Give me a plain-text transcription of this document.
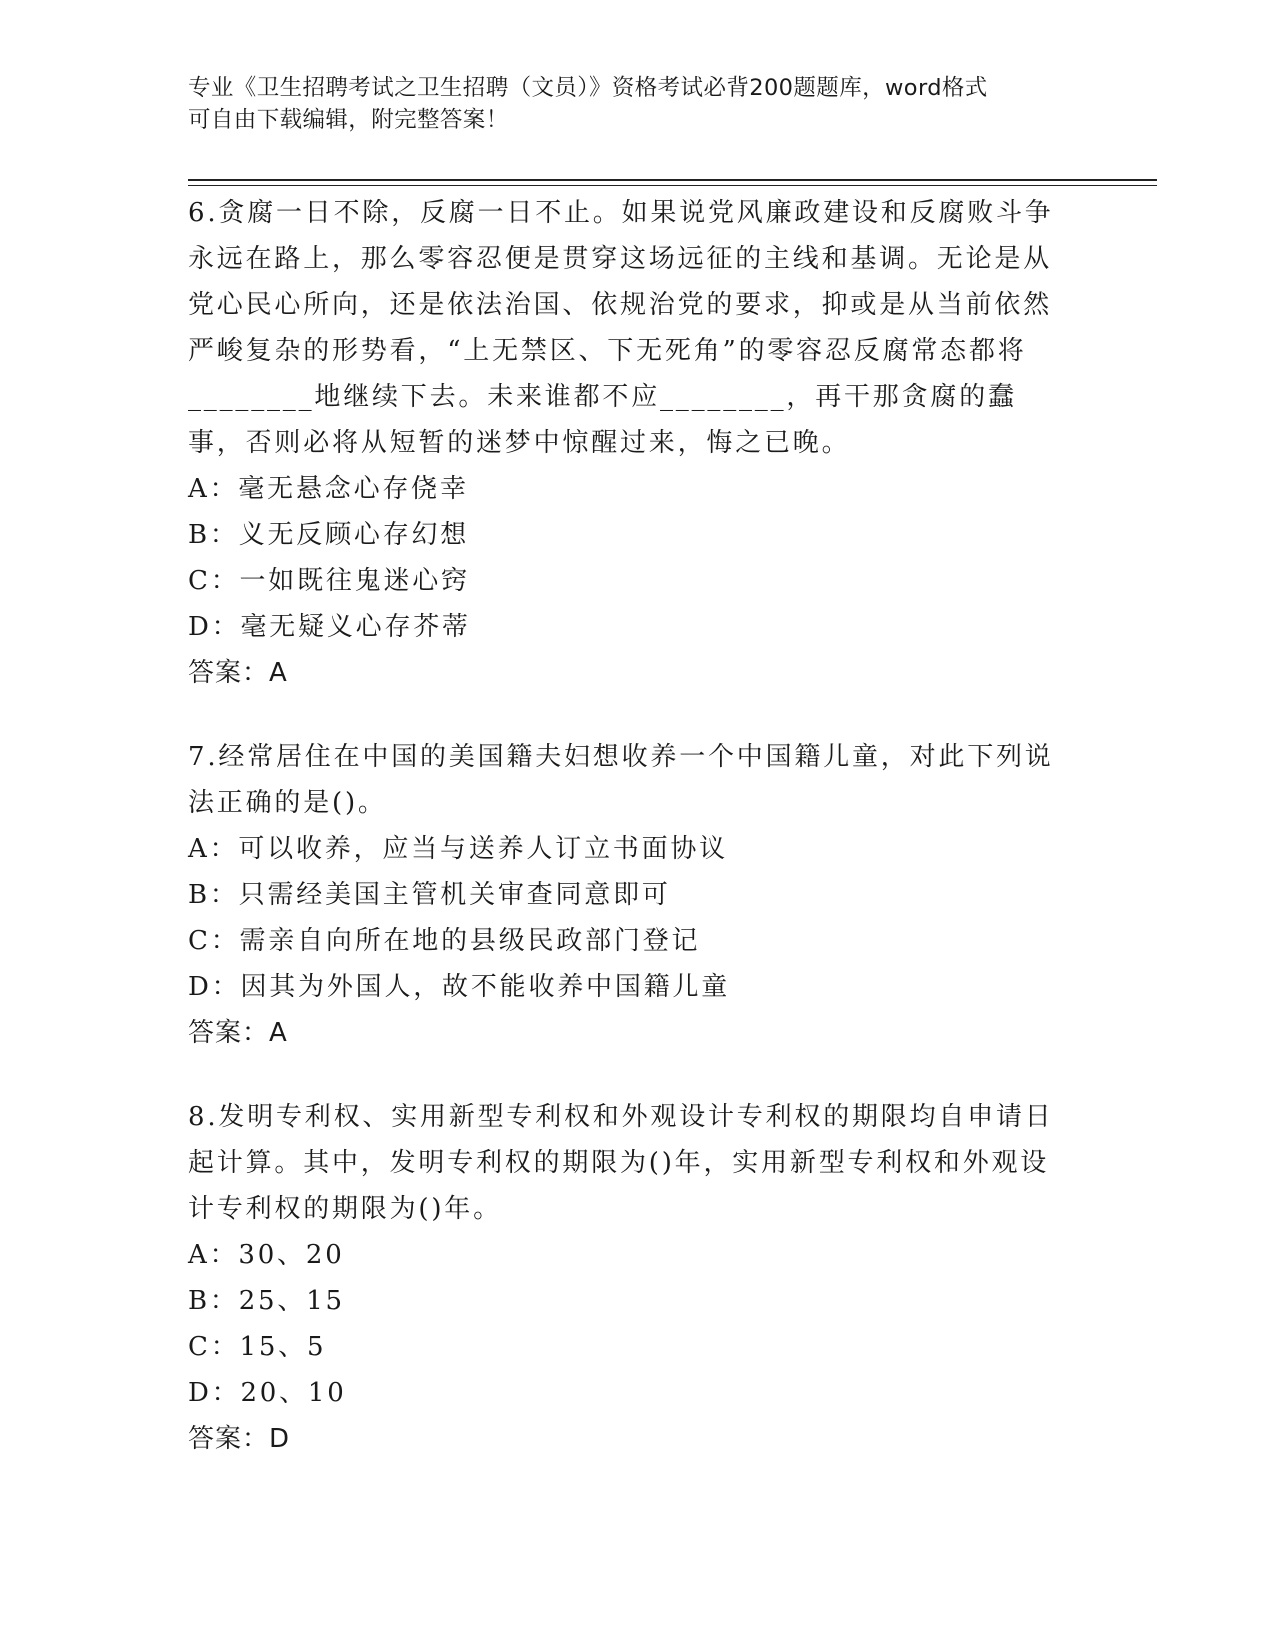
专业《卫生招聘考试之卫生招聘（文员）》资格考试必背200题题库，word格式
可自由下载编辑，附完整答案！
6.贪腐一日不除，反腐一日不止。如果说党风廉政建设和反腐败斗争永远在路上，那么零容忍便是贯穿这场远征的主线和基调。无论是从党心民心所向，还是依法治国、依规治党的要求，抑或是从当前依然严峻复杂的形势看，“上无禁区、下无死角”的零容忍反腐常态都将________地继续下去。未来谁都不应________，再干那贪腐的蠢事，否则必将从短暂的迷梦中惊醒过来，悔之已晚。
A：毫无悬念心存侥幸
B：义无反顾心存幻想
C：一如既往鬼迷心窍
D：毫无疑义心存芥蒂
答案：A
7.经常居住在中国的美国籍夫妇想收养一个中国籍儿童，对此下列说法正确的是()。
A：可以收养，应当与送养人订立书面协议
B：只需经美国主管机关审查同意即可
C：需亲自向所在地的县级民政部门登记
D：因其为外国人，故不能收养中国籍儿童
答案：A
8.发明专利权、实用新型专利权和外观设计专利权的期限均自申请日起计算。其中，发明专利权的期限为()年，实用新型专利权和外观设计专利权的期限为()年。
A：30、20
B：25、15
C：15、5
D：20、10
答案：D
